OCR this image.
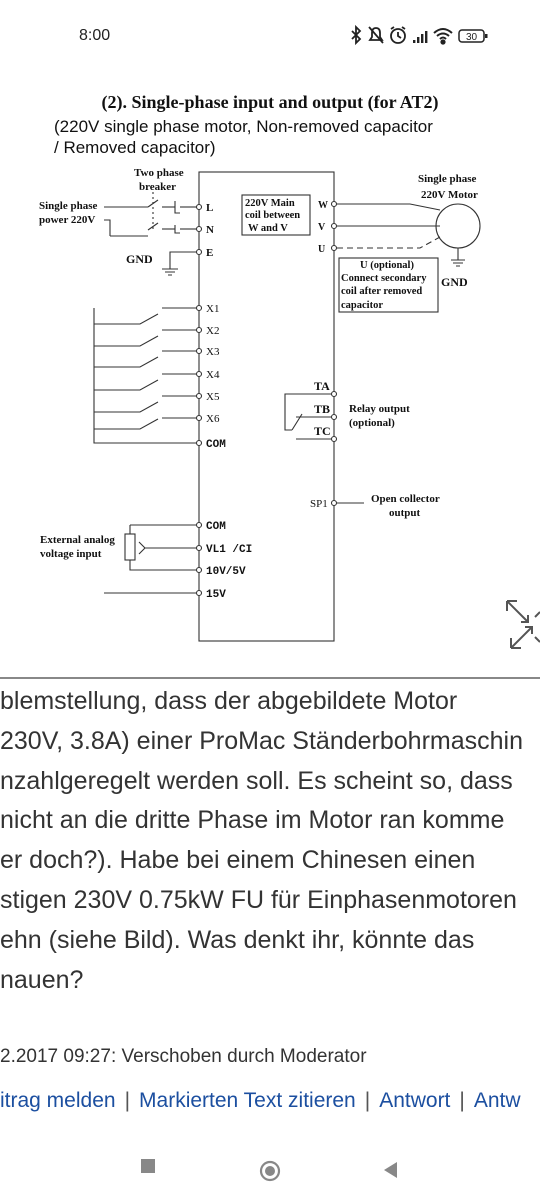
8:00	30
(2). Single-phase input and output (for AT2)
(220V single phase motor, Non-removed capacitor
/ Removed capacitor)
Two phase
breaker
Single phase
power 220V
GND
Single phase
220V Motor
GND
220V Main
coil between
W and V
U (optional)
Connect secondary
coil after removed
capacitor
Relay output
(optional)
Open collector
output
External analog
voltage input
L
N
E
W
V
U
X1
X2
X3
X4
X5
X6
COM
TA
TB
TC
SP1
COM
VL1 /CI
10V/5V
15V
blemstellung, dass der abgebildete Motor
230V, 3.8A) einer ProMac Ständerbohrmaschin
nzahlgeregelt werden soll. Es scheint so, dass
nicht an die dritte Phase im Motor ran komme
er doch?). Habe bei einem Chinesen einen
stigen 230V 0.75kW FU für Einphasenmotoren
ehn (siehe Bild). Was denkt ihr, könnte das
nauen?
2.2017 09:27: Verschoben durch Moderator
itrag melden | Markierten Text zitieren | Antwort | Antw
